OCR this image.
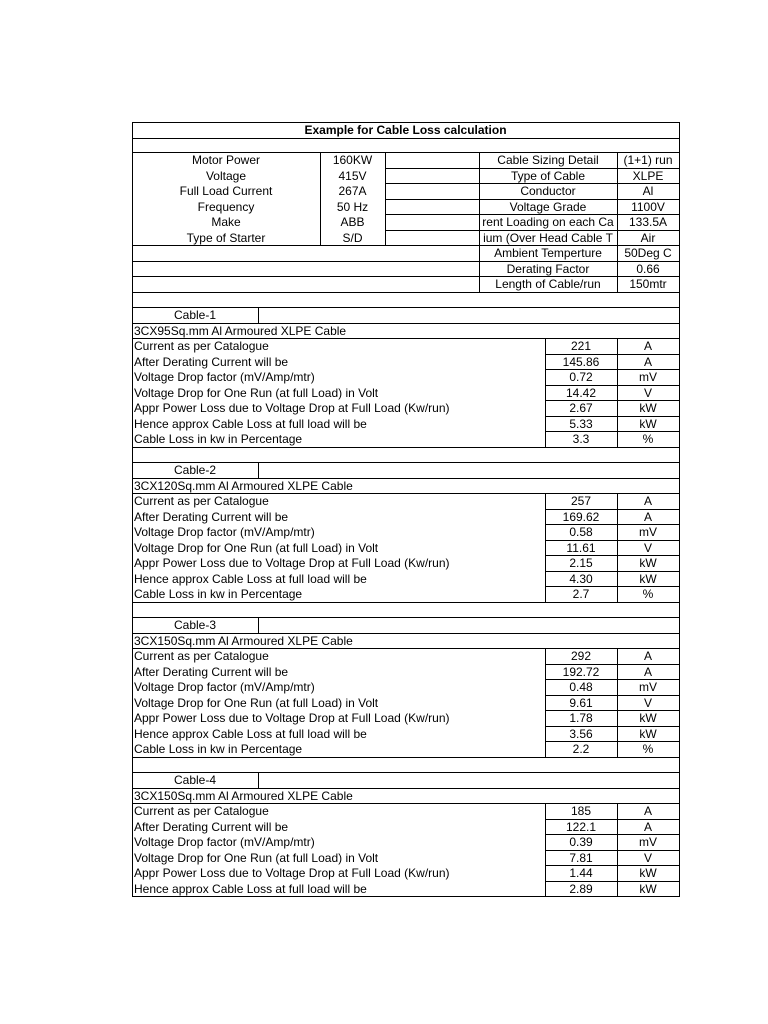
Example for Cable Loss calculation
Motor Power	160KW
Voltage	415V
Full Load Current	267A
Frequency	50 Hz
Make	ABB
Type of Starter	S/D
Cable Sizing Detail	(1+1) run
Type of Cable	XLPE
Conductor	Al
Voltage Grade	1100V
rent Loading on each Ca	133.5A
ium (Over Head Cable T	Air
Ambient Temperture	50Deg C
Derating Factor	0.66
Length of Cable/run	150mtr
Cable-1
3CX95Sq.mm Al Armoured XLPE Cable
Current as per Catalogue	221	A
After Derating Current will be	145.86	A
Voltage Drop factor (mV/Amp/mtr)	0.72	mV
Voltage Drop for One Run (at full Load) in Volt	14.42	V
Appr Power Loss due to Voltage Drop at Full Load (Kw/run)	2.67	kW
Hence approx Cable Loss at full load will be	5.33	kW
Cable Loss in kw in Percentage	3.3	%
Cable-2
3CX120Sq.mm Al Armoured XLPE Cable
Current as per Catalogue	257	A
After Derating Current will be	169.62	A
Voltage Drop factor (mV/Amp/mtr)	0.58	mV
Voltage Drop for One Run (at full Load) in Volt	11.61	V
Appr Power Loss due to Voltage Drop at Full Load (Kw/run)	2.15	kW
Hence approx Cable Loss at full load will be	4.30	kW
Cable Loss in kw in Percentage	2.7	%
Cable-3
3CX150Sq.mm Al Armoured XLPE Cable
Current as per Catalogue	292	A
After Derating Current will be	192.72	A
Voltage Drop factor (mV/Amp/mtr)	0.48	mV
Voltage Drop for One Run (at full Load) in Volt	9.61	V
Appr Power Loss due to Voltage Drop at Full Load (Kw/run)	1.78	kW
Hence approx Cable Loss at full load will be	3.56	kW
Cable Loss in kw in Percentage	2.2	%
Cable-4
3CX150Sq.mm Al Armoured XLPE Cable
Current as per Catalogue	185	A
After Derating Current will be	122.1	A
Voltage Drop factor (mV/Amp/mtr)	0.39	mV
Voltage Drop for One Run (at full Load) in Volt	7.81	V
Appr Power Loss due to Voltage Drop at Full Load (Kw/run)	1.44	kW
Hence approx Cable Loss at full load will be	2.89	kW
